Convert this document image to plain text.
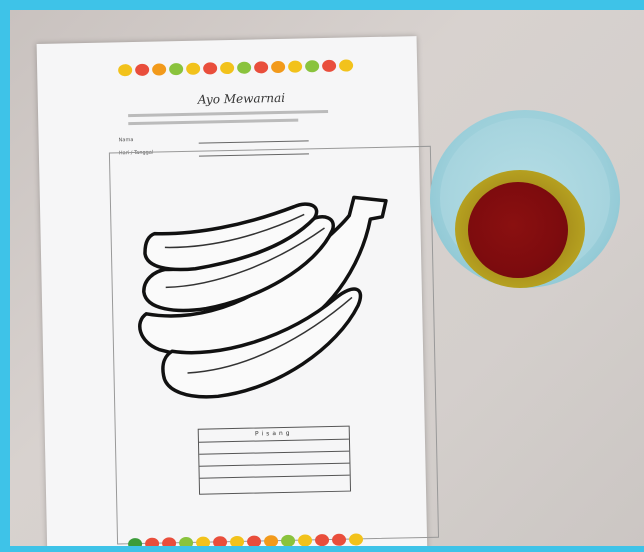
Ayo Mewarnai
Nama
Hari / Tanggal
Pisang
